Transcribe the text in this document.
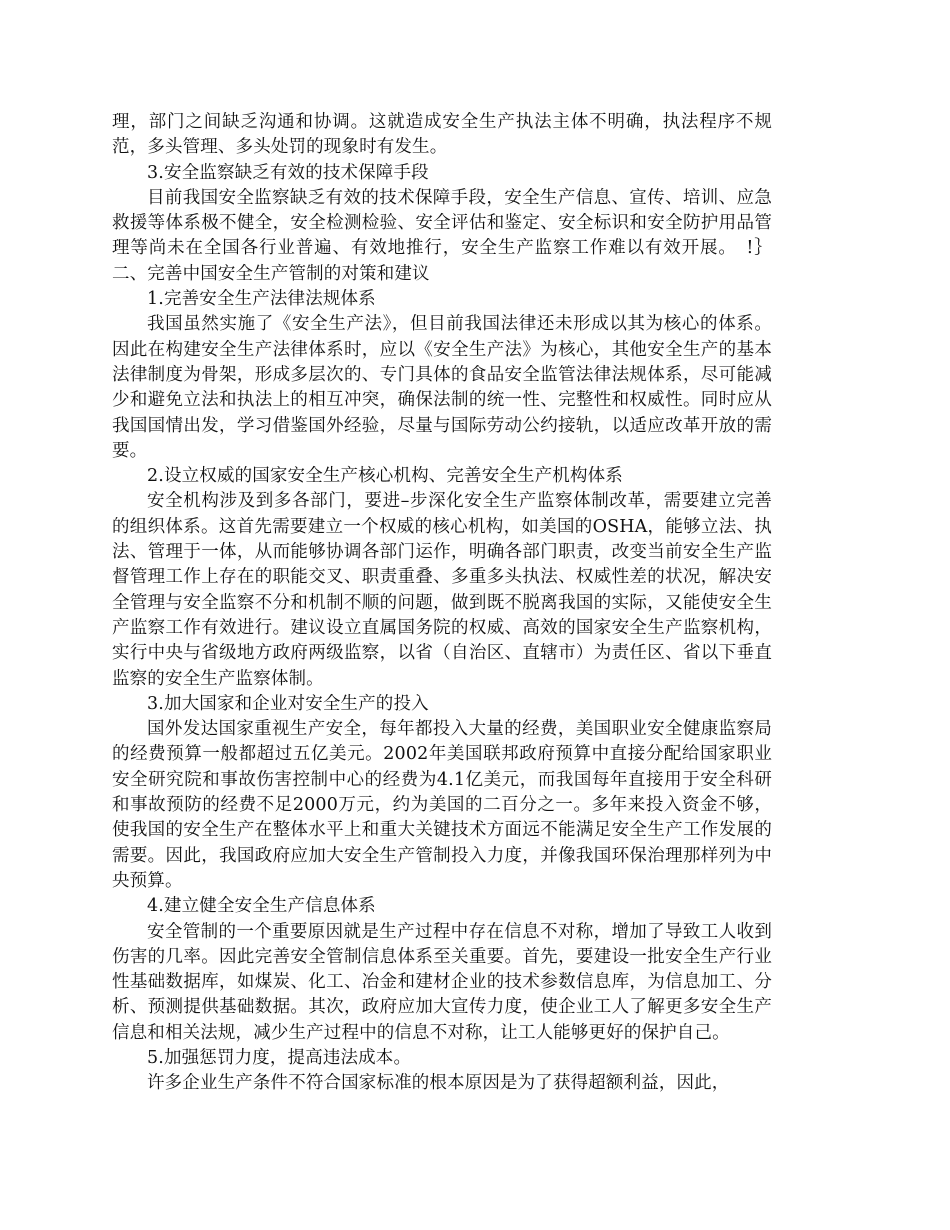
理，部门之间缺乏沟通和协调。这就造成安全生产执法主体不明确，执法程序不规范，多头管理、多头处罚的现象时有发生。

3.安全监察缺乏有效的技术保障手段

目前我国安全监察缺乏有效的技术保障手段，安全生产信息、宣传、培训、应急救援等体系极不健全，安全检测检验、安全评估和鉴定、安全标识和安全防护用品管理等尚未在全国各行业普遍、有效地推行，安全生产监察工作难以有效开展。　!｝二、完善中国安全生产管制的对策和建议

1.完善安全生产法律法规体系

我国虽然实施了《安全生产法》，但目前我国法律还未形成以其为核心的体系。因此在构建安全生产法律体系时，应以《安全生产法》为核心，其他安全生产的基本法律制度为骨架，形成多层次的、专门具体的食品安全监管法律法规体系，尽可能减少和避免立法和执法上的相互冲突，确保法制的统一性、完整性和权威性。同时应从我国国情出发，学习借鉴国外经验，尽量与国际劳动公约接轨，以适应改革开放的需要。

2.设立权威的国家安全生产核心机构、完善安全生产机构体系

安全机构涉及到多各部门，要进–步深化安全生产监察体制改革，需要建立完善的组织体系。这首先需要建立一个权威的核心机构，如美国的OSHA，能够立法、执法、管理于一体，从而能够协调各部门运作，明确各部门职责，改变当前安全生产监督管理工作上存在的职能交叉、职责重叠、多重多头执法、权威性差的状况，解决安全管理与安全监察不分和机制不顺的问题，做到既不脱离我国的实际，又能使安全生产监察工作有效进行。建议设立直属国务院的权威、高效的国家安全生产监察机构，实行中央与省级地方政府两级监察，以省（自治区、直辖市）为责任区、省以下垂直监察的安全生产监察体制。

3.加大国家和企业对安全生产的投入

国外发达国家重视生产安全，每年都投入大量的经费，美国职业安全健康监察局的经费预算一般都超过五亿美元。2002年美国联邦政府预算中直接分配给国家职业安全研究院和事故伤害控制中心的经费为4.1亿美元，而我国每年直接用于安全科研和事故预防的经费不足2000万元，约为美国的二百分之一。多年来投入资金不够，使我国的安全生产在整体水平上和重大关键技术方面远不能满足安全生产工作发展的需要。因此，我国政府应加大安全生产管制投入力度，并像我国环保治理那样列为中央预算。

4.建立健全安全生产信息体系

安全管制的一个重要原因就是生产过程中存在信息不对称，增加了导致工人收到伤害的几率。因此完善安全管制信息体系至关重要。首先，要建设一批安全生产行业性基础数据库，如煤炭、化工、冶金和建材企业的技术参数信息库，为信息加工、分析、预测提供基础数据。其次，政府应加大宣传力度，使企业工人了解更多安全生产信息和相关法规，减少生产过程中的信息不对称，让工人能够更好的保护自己。

5.加强惩罚力度，提高违法成本。

许多企业生产条件不符合国家标准的根本原因是为了获得超额利益，因此，
